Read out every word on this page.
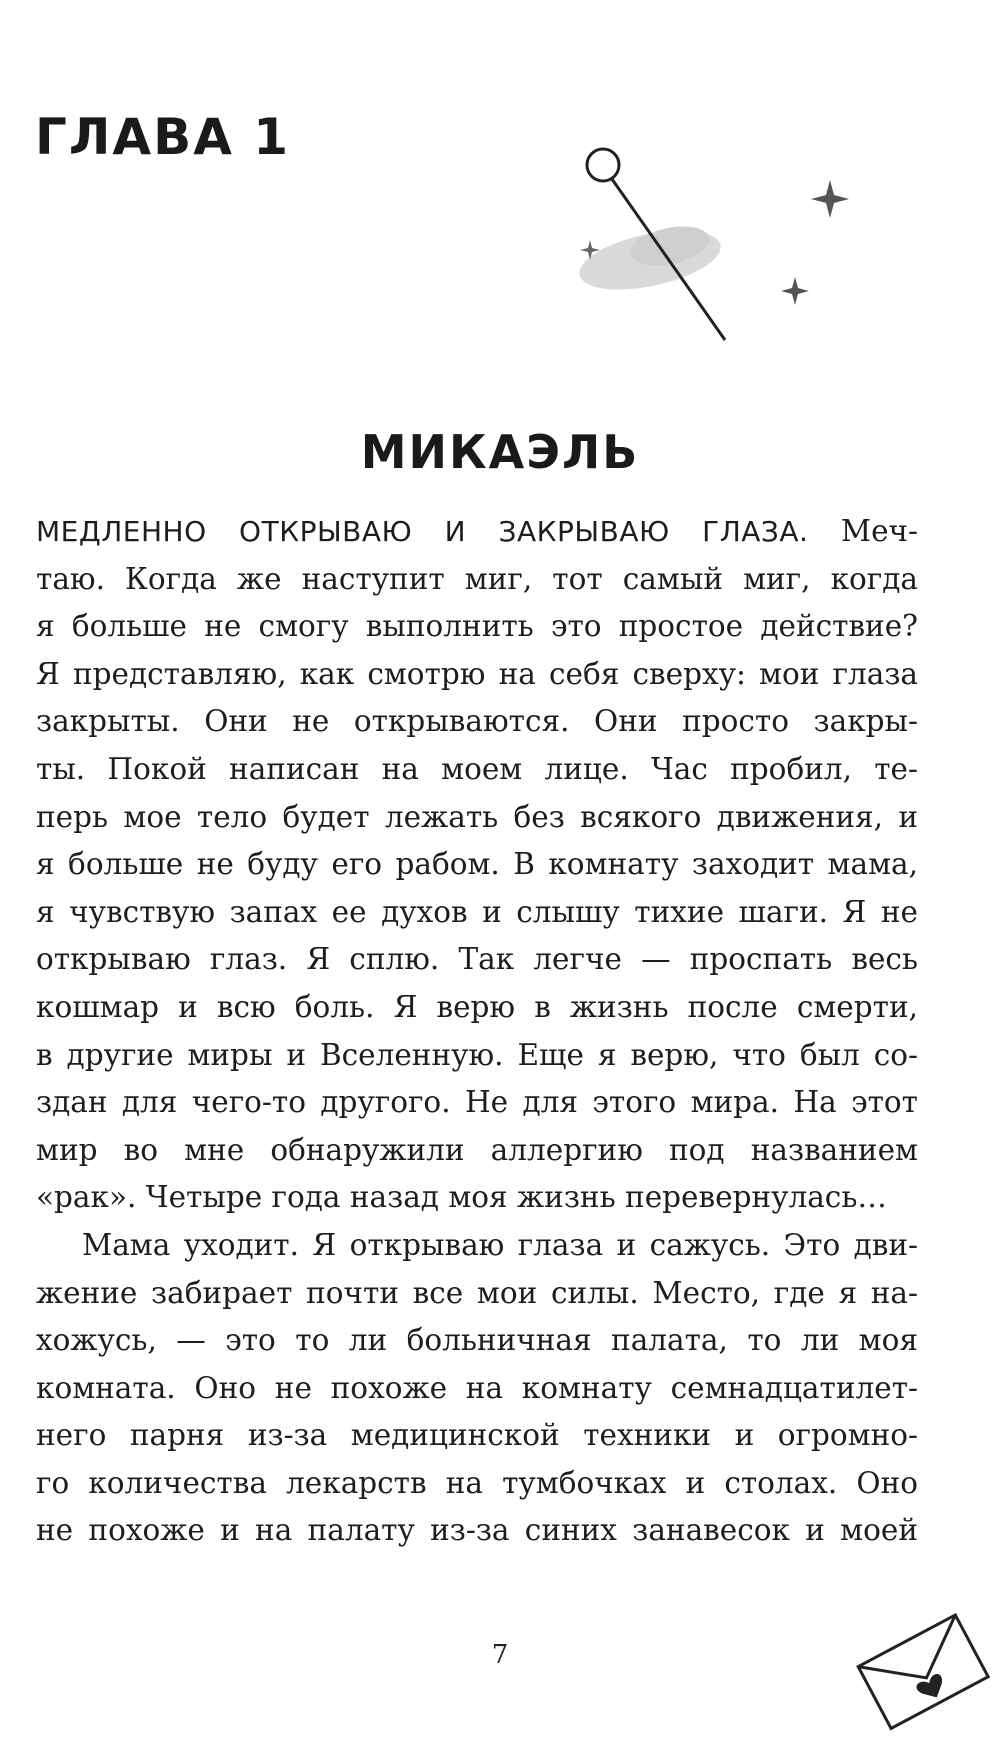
ГЛАВА 1
МИКАЭЛЬ
МЕДЛЕННО ОТКРЫВАЮ И ЗАКРЫВАЮ ГЛАЗА. Меч-
таю. Когда же наступит миг, тот самый миг, когда
я больше не смогу выполнить это простое действие?
Я представляю, как смотрю на себя сверху: мои глаза
закрыты. Они не открываются. Они просто закры-
ты. Покой написан на моем лице. Час пробил, те-
перь мое тело будет лежать без всякого движения, и
я больше не буду его рабом. В комнату заходит мама,
я чувствую запах ее духов и слышу тихие шаги. Я не
открываю глаз. Я сплю. Так легче — проспать весь
кошмар и всю боль. Я верю в жизнь после смерти,
в другие миры и Вселенную. Еще я верю, что был со-
здан для чего-то другого. Не для этого мира. На этот
мир во мне обнаружили аллергию под названием
«рак». Четыре года назад моя жизнь перевернулась…
Мама уходит. Я открываю глаза и сажусь. Это дви-
жение забирает почти все мои силы. Место, где я на-
хожусь, — это то ли больничная палата, то ли моя
комната. Оно не похоже на комнату семнадцатилет-
него парня из-за медицинской техники и огромно-
го количества лекарств на тумбочках и столах. Оно
не похоже и на палату из-за синих занавесок и моей
7
